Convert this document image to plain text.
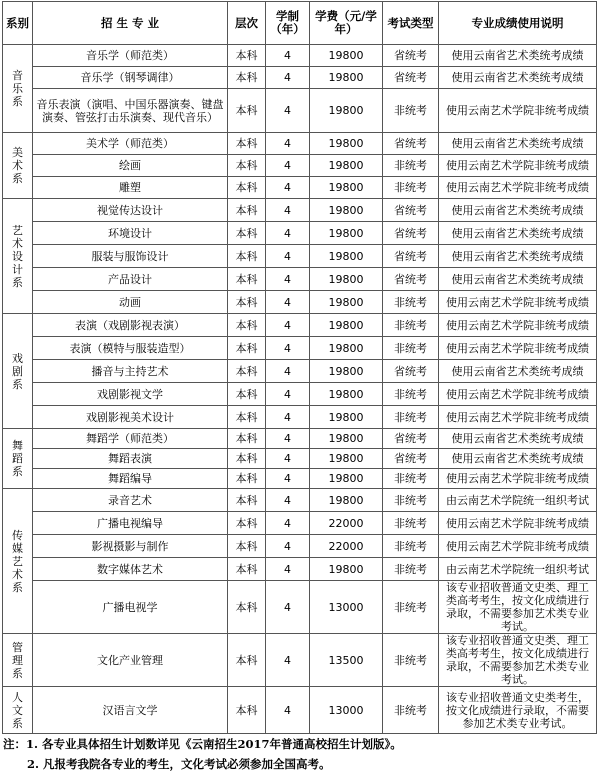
系别	招 生 专 业	层次	学制（年）	学费（元/学年）	考试类型	专业成绩使用说明
音乐系	音乐学（师范类）	本科	4	19800	省统考	使用云南省艺术类统考成绩
	音乐学（钢琴调律）	本科	4	19800	省统考	使用云南省艺术类统考成绩
	音乐表演（演唱、中国乐器演奏、键盘演奏、管弦打击乐演奏、现代音乐）	本科	4	19800	非统考	使用云南艺术学院非统考成绩
美术系	美术学（师范类）	本科	4	19800	省统考	使用云南省艺术类统考成绩
	绘画	本科	4	19800	非统考	使用云南艺术学院非统考成绩
	雕塑	本科	4	19800	非统考	使用云南艺术学院非统考成绩
艺术设计系	视觉传达设计	本科	4	19800	省统考	使用云南省艺术类统考成绩
	环境设计	本科	4	19800	省统考	使用云南省艺术类统考成绩
	服装与服饰设计	本科	4	19800	省统考	使用云南省艺术类统考成绩
	产品设计	本科	4	19800	省统考	使用云南省艺术类统考成绩
	动画	本科	4	19800	非统考	使用云南艺术学院非统考成绩
戏剧系	表演（戏剧影视表演）	本科	4	19800	非统考	使用云南艺术学院非统考成绩
	表演（模特与服装造型）	本科	4	19800	非统考	使用云南艺术学院非统考成绩
	播音与主持艺术	本科	4	19800	省统考	使用云南省艺术类统考成绩
	戏剧影视文学	本科	4	19800	非统考	使用云南艺术学院非统考成绩
	戏剧影视美术设计	本科	4	19800	非统考	使用云南艺术学院非统考成绩
舞蹈系	舞蹈学（师范类）	本科	4	19800	省统考	使用云南省艺术类统考成绩
	舞蹈表演	本科	4	19800	省统考	使用云南省艺术类统考成绩
	舞蹈编导	本科	4	19800	非统考	使用云南艺术学院非统考成绩
传媒艺术系	录音艺术	本科	4	19800	非统考	由云南艺术学院统一组织考试
	广播电视编导	本科	4	22000	非统考	使用云南艺术学院非统考成绩
	影视摄影与制作	本科	4	22000	非统考	使用云南艺术学院非统考成绩
	数字媒体艺术	本科	4	19800	非统考	由云南艺术学院统一组织考试
	广播电视学	本科	4	13000	非统考	该专业招收普通文史类、理工类高考考生，按文化成绩进行录取，不需要参加艺术类专业考试。
管理系	文化产业管理	本科	4	13500	非统考	该专业招收普通文史类、理工类高考考生，按文化成绩进行录取，不需要参加艺术类专业考试。
人文系	汉语言文学	本科	4	13000	非统考	该专业招收普通文史类考生，按文化成绩进行录取，不需要参加艺术类专业考试。
注：1. 各专业具体招生计划数详见《云南招生2017年普通高校招生计划版》。
2. 凡报考我院各专业的考生，文化考试必须参加全国高考。
